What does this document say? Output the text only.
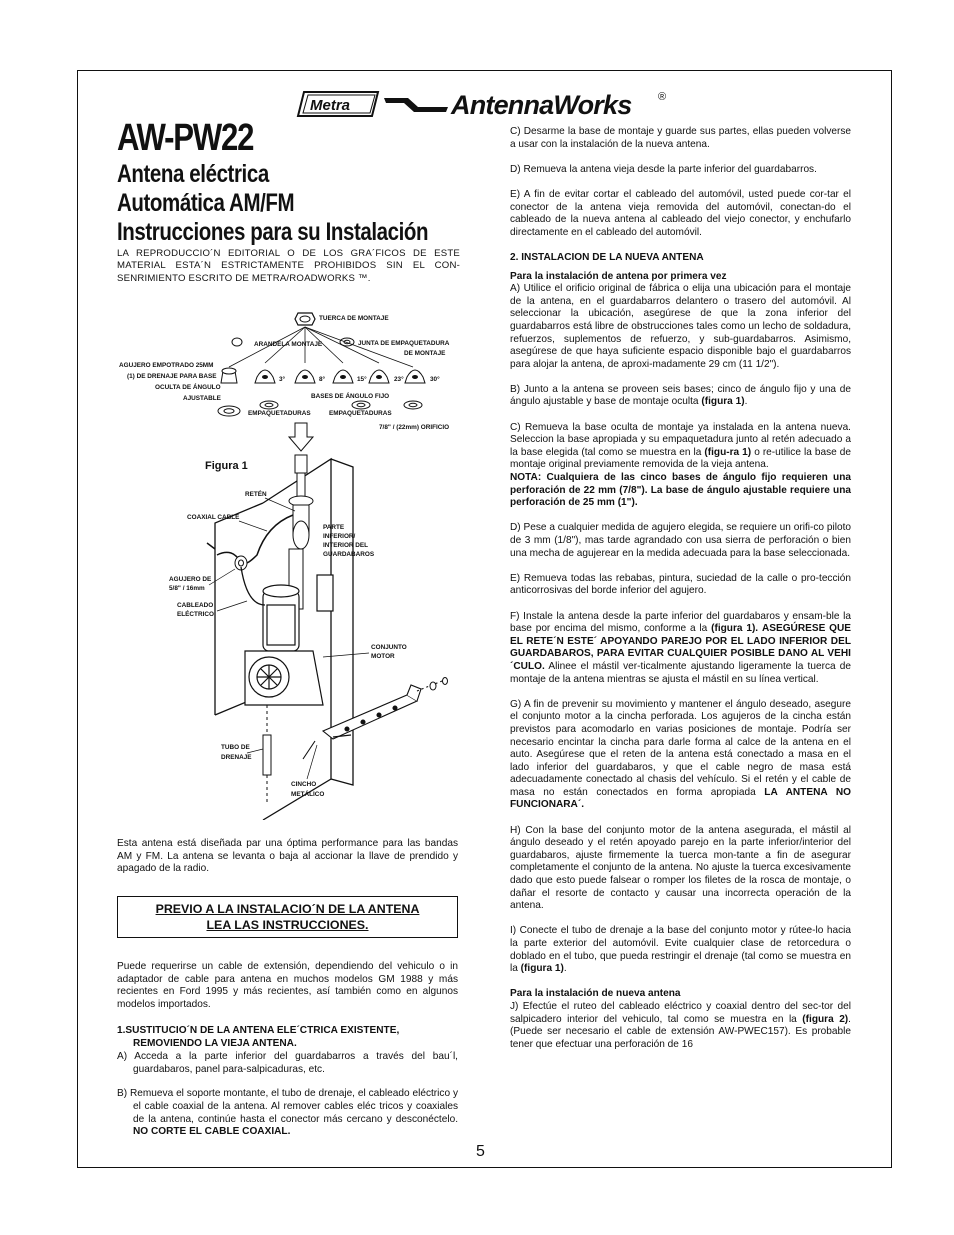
Metra	AntennaWorks ®
AW-PW22
Antena eléctrica
Automática AM/FM
Instrucciones para su Instalación

LA REPRODUCCIO´N EDITORIAL O DE LOS GRA´FICOS DE ESTE MATERIAL ESTA´N ESTRICTAMENTE PROHIBIDOS SIN EL CON-SENRIMIENTO ESCRITO DE METRA/ROADWORKS ™.

TUERCA DE MONTAJE
ARANDELA MONTAJE	JUNTA DE EMPAQUETADURA
DE MONTAJE
AGUJERO EMPOTRADO 25MM
(1) DE DRENAJE PARA BASE
OCULTA DE ÁNGULO
AJUSTABLE
3°	8°	15°	23°	30°
BASES DE ÁNGULO FIJO
EMPAQUETADURAS	EMPAQUETADURAS
7/8" / (22mm) ORIFICIO
Figura 1
RETÉN
COAXIAL CABLE
PARTE
INFERIOR/
INTERIOR DEL
GUARDABAROS
AGUJERO DE
5/8" / 16mm
CABLEADO
ELÉCTRICO
CONJUNTO
MOTOR
TUBO DE
DRENAJE
CINCHO
METÁLICO

Esta antena está diseñada par una óptima performance para las bandas AM y FM. La antena se levanta o baja al accionar la llave de prendido y apagado de la radio.

PREVIO A LA INSTALACIO´N DE LA ANTENA
LEA LAS INSTRUCCIONES.

Puede requerirse un cable de extensión, dependiendo del vehiculo o in adaptador de cable para antena en muchos modelos GM 1988 y más recientes en Ford 1995 y más recientes, así también como en algunos modelos importados.

1.SUSTITUCIO´N DE LA ANTENA ELE´CTRICA EXISTENTE, REMOVIENDO LA VIEJA ANTENA.

A) Acceda a la parte inferior del guardabarros a través del bau´l, guardabaros, panel para-salpicaduras, etc.

B) Remueva el soporte montante, el tubo de drenaje, el cableado eléctrico y el cable coaxial de la antena. Al remover cables eléc tricos y coaxiales de la antena, continúe hasta el conector más cercano y desconéctelo. NO CORTE EL CABLE COAXIAL.

C) Desarme la base de montaje y guarde sus partes, ellas pueden volverse a usar con la instalación de la nueva antena.

D) Remueva la antena vieja desde la parte inferior del guardabarros.

E) A fin de evitar cortar el cableado del automóvil, usted puede cor-tar el conector de la antena vieja removida del automóvil, conectan-do el cableado de la nueva antena al cableado del viejo conector, y enchufarlo directamente en el cableado del automóvil.

2. INSTALACION DE LA NUEVA ANTENA

Para la instalación de antena por primera vez

A) Utilice el orificio original de fábrica o elija una ubicación para el montaje de la antena, en el guardabarros delantero o trasero del automóvil. Al seleccionar la ubicación, asegúrese de que la zona inferior del guardabarros está libre de obstrucciones tales como un lecho de soldadura, refuerzos, suplementos de refuerzo, y sub-guardabarros. Asimismo, asegúrese de que haya suficiente espacio disponible bajo el guardabarros para alojar la antena, de aproxi-madamente 29 cm (11 1/2").

B) Junto a la antena se proveen seis bases; cinco de ángulo fijo y una de ángulo ajustable y base de montaje oculta (figura 1).

C) Remueva la base oculta de montaje ya instalada en la antena nueva. Seleccion la base apropiada y su empaquetadura junto al retén adecuado a la base elegida (tal como se muestra en la (figu-ra 1) o re-utilice la base de montaje original previamente removida de la vieja antena.

NOTA: Cualquiera de las cinco bases de ángulo fijo requieren una perforación de 22 mm (7/8"). La base de ángulo ajustable requiere una perforación de 25 mm (1").

D) Pese a cualquier medida de agujero elegida, se requiere un orifi-co piloto de 3 mm (1/8"), mas tarde agrandado con usa sierra de perforación o bien una mecha de agujerear en la medida adecuada para la base seleccionada.

E) Remueva todas las rebabas, pintura, suciedad de la calle o pro-tección anticorrosivas del borde inferior del agujero.

F) Instale la antena desde la parte inferior del guardabaros y ensam-ble la base por encima del mismo, conforme a la (figura 1). ASEGÚRESE QUE EL RETE´N ESTE´ APOYANDO PAREJO POR EL LADO INFERIOR DEL GUARDABAROS, PARA EVITAR CUALQUIER POSIBLE DANO AL VEHI´CULO. Alinee el mástil ver-ticalmente ajustando ligeramente la tuerca de montaje de la antena mientras se ajusta el mástil en su línea vertical.

G) A fin de prevenir su movimiento y mantener el ángulo deseado, asegure el conjunto motor a la cincha perforada. Los agujeros de la cincha están previstos para acomodarlo en varias posiciones de montaje. Podría ser necesario encintar la cincha para darle forma al calce de la antena en el auto. Asegúrese que el reten de la antena está conectado a masa en el lado inferior del guardabaros, y que el cable negro de masa está adecuadamente conectado al chasis del vehículo. Si el retén y el cable de masa no están conectados en forma apropiada LA ANTENA NO FUNCIONARA´.

H) Con la base del conjunto motor de la antena asegurada, el mástil al ángulo deseado y el retén apoyado parejo en la parte inferior/interior del guardabaros, ajuste firmemente la tuerca mon-tante a fin de asegurar completamente el conjunto de la antena. No ajuste la tuerca excesivamente dado que esto puede falsear o romper los filetes de la rosca de montaje, o dañar el resorte de contacto y causar una incorrecta operación de la antena.

I) Conecte el tubo de drenaje a la base del conjunto motor y rútee-lo hacia la parte exterior del automóvil. Evite cualquier clase de retorcedura o doblado en el tubo, que pueda restringir el drenaje (tal como se muestra en la (figura 1).

Para la instalación de nueva antena

J) Efectúe el ruteo del cableado eléctrico y coaxial dentro del sec-tor del salpicadero interior del vehiculo, tal como se muestra en la (figura 2). (Puede ser necesario el cable de extensión AW-PWEC157). Es probable tener que efectuar una perforación de 16

5
